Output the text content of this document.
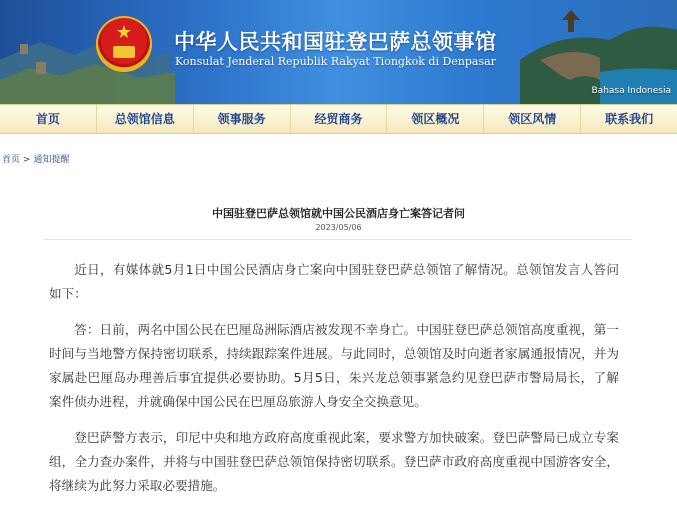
★	中华人民共和国驻登巴萨总领事馆
Konsulat Jenderal Republik Rakyat Tiongkok di Denpasar
Bahasa Indonesia
首页	总领馆信息	领事服务	经贸商务	领区概况	领区风情	联系我们
首页 > 通知提醒
中国驻登巴萨总领馆就中国公民酒店身亡案答记者问
2023/05/06

近日，有媒体就5月1日中国公民酒店身亡案向中国驻登巴萨总领馆了解情况。总领馆发言人答问如下：

答：日前，两名中国公民在巴厘岛洲际酒店被发现不幸身亡。中国驻登巴萨总领馆高度重视，第一时间与当地警方保持密切联系，持续跟踪案件进展。与此同时，总领馆及时向逝者家属通报情况，并为家属赴巴厘岛办理善后事宜提供必要协助。5月5日，朱兴龙总领事紧急约见登巴萨市警局局长，了解案件侦办进程，并就确保中国公民在巴厘岛旅游人身安全交换意见。

登巴萨警方表示，印尼中央和地方政府高度重视此案，要求警方加快破案。登巴萨警局已成立专案组，全力查办案件，并将与中国驻登巴萨总领馆保持密切联系。登巴萨市政府高度重视中国游客安全，将继续为此努力采取必要措施。
